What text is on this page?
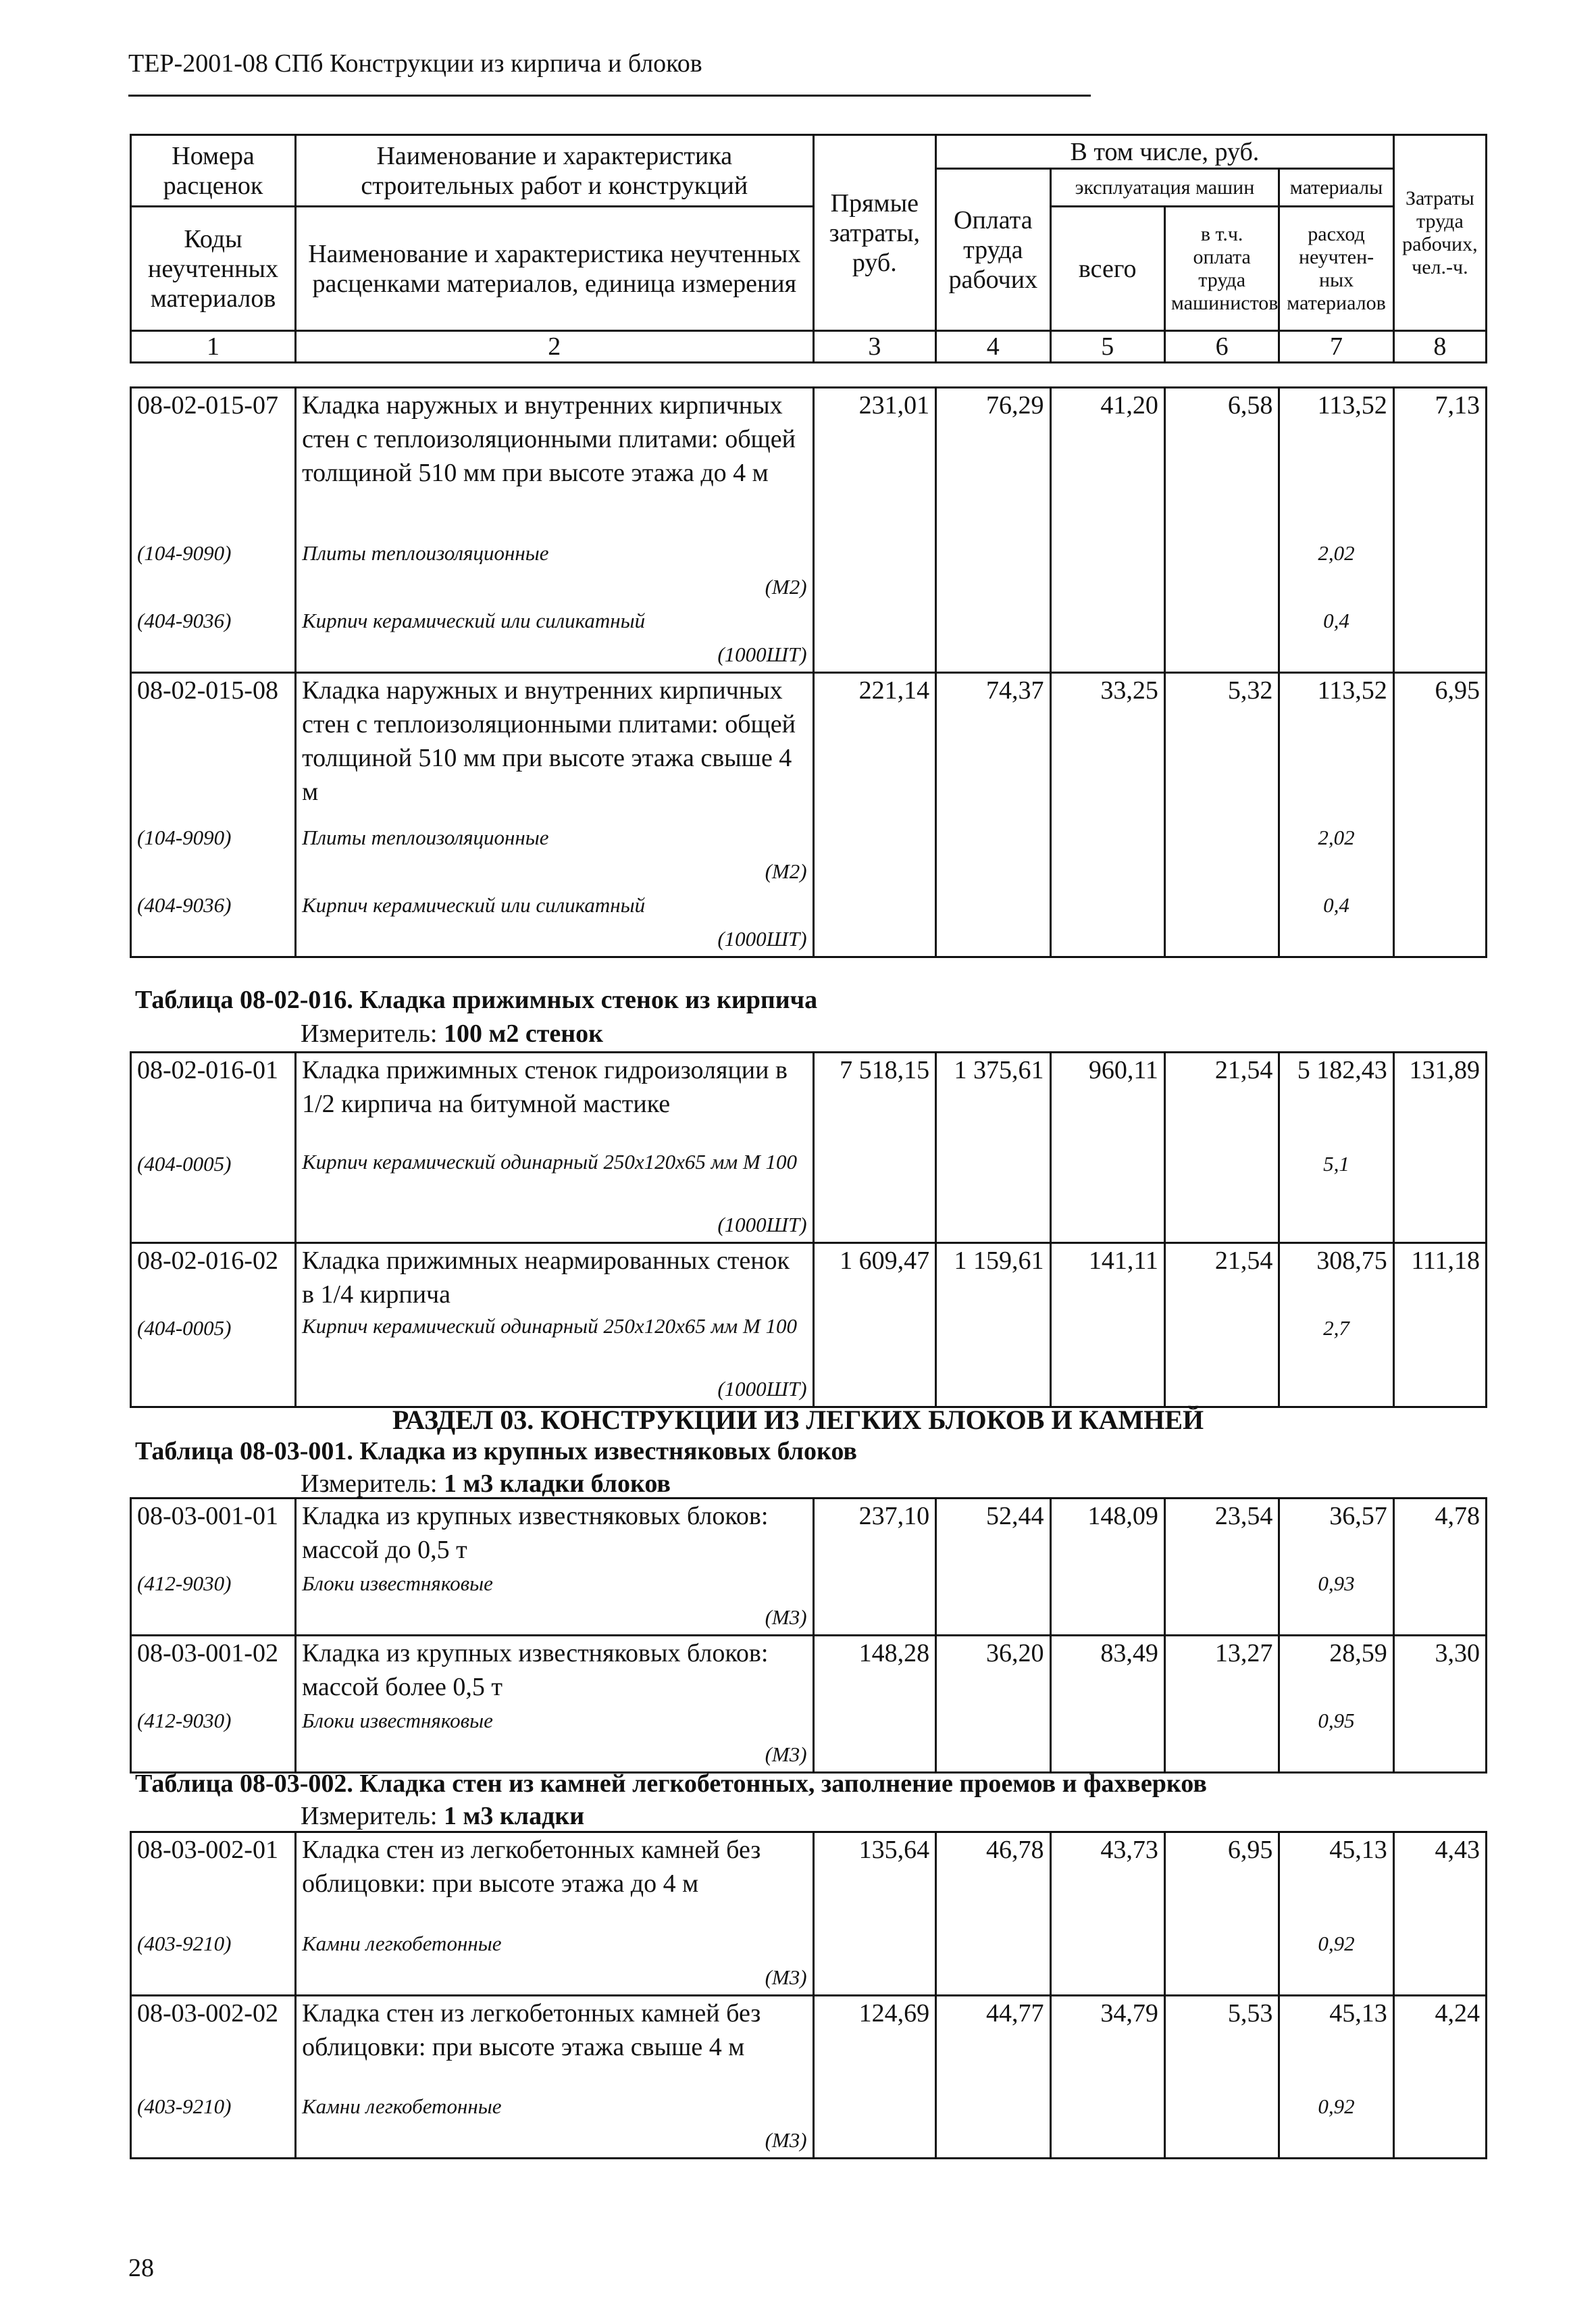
ТЕР-2001-08 СПб Конструкции из кирпича и блоков
Номера расценок	Наименование и характеристика строительных работ и конструкций	Прямые затраты, руб.	В том числе, руб.				Затраты труда рабочих, чел.-ч.
			Оплата труда рабочих	эксплуатация машин		материалы	
Коды неучтенных материалов	Наименование и характеристика неучтенных расценками материалов, единица измерения			всего	в т.ч. оплата труда машинистов	расход неучтен-ных материалов	

1	2	3	4	5	6	7	8
08-02-015-07	Кладка наружных и внутренних кирпичных стен с теплоизоляционными плитами: общей толщиной 510 мм при высоте этажа до 4 м	231,01	76,29	41,20	6,58	113,52	7,13
(104-9090)	Плиты теплоизоляционные					2,02	
	(М2)						
(404-9036)	Кирпич керамический или силикатный					0,4	
	(1000ШТ)						
08-02-015-08	Кладка наружных и внутренних кирпичных стен с теплоизоляционными плитами: общей толщиной 510 мм при высоте этажа свыше 4 м	221,14	74,37	33,25	5,32	113,52	6,95
(104-9090)	Плиты теплоизоляционные					2,02	
	(М2)						
(404-9036)	Кирпич керамический или силикатный					0,4	
	(1000ШТ)						
Таблица 08-02-016. Кладка прижимных стенок из кирпича
Измеритель: 100 м2 стенок
08-02-016-01	Кладка прижимных стенок гидроизоляции в 1/2 кирпича на битумной мастике	7 518,15	1 375,61	960,11	21,54	5 182,43	131,89
(404-0005)	Кирпич керамический одинарный 250x120x65 мм М 100					5,1	
	(1000ШТ)						
08-02-016-02	Кладка прижимных неармированных стенок в 1/4 кирпича	1 609,47	1 159,61	141,11	21,54	308,75	111,18
(404-0005)	Кирпич керамический одинарный 250x120x65 мм М 100					2,7	
	(1000ШТ)						
РАЗДЕЛ 03. КОНСТРУКЦИИ ИЗ ЛЕГКИХ БЛОКОВ И КАМНЕЙ
Таблица 08-03-001. Кладка из крупных известняковых блоков
Измеритель: 1 м3 кладки блоков
08-03-001-01	Кладка из крупных известняковых блоков: массой до 0,5 т	237,10	52,44	148,09	23,54	36,57	4,78
(412-9030)	Блоки известняковые					0,93	
	(М3)						
08-03-001-02	Кладка из крупных известняковых блоков: массой более 0,5 т	148,28	36,20	83,49	13,27	28,59	3,30
(412-9030)	Блоки известняковые					0,95	
	(М3)						
Таблица 08-03-002. Кладка стен из камней легкобетонных, заполнение проемов и фахверков
Измеритель: 1 м3 кладки
08-03-002-01	Кладка стен из легкобетонных камней без облицовки: при высоте этажа до 4 м	135,64	46,78	43,73	6,95	45,13	4,43
(403-9210)	Камни легкобетонные					0,92	
	(М3)						
08-03-002-02	Кладка стен из легкобетонных камней без облицовки: при высоте этажа свыше 4 м	124,69	44,77	34,79	5,53	45,13	4,24
(403-9210)	Камни легкобетонные					0,92	
	(М3)						
28
